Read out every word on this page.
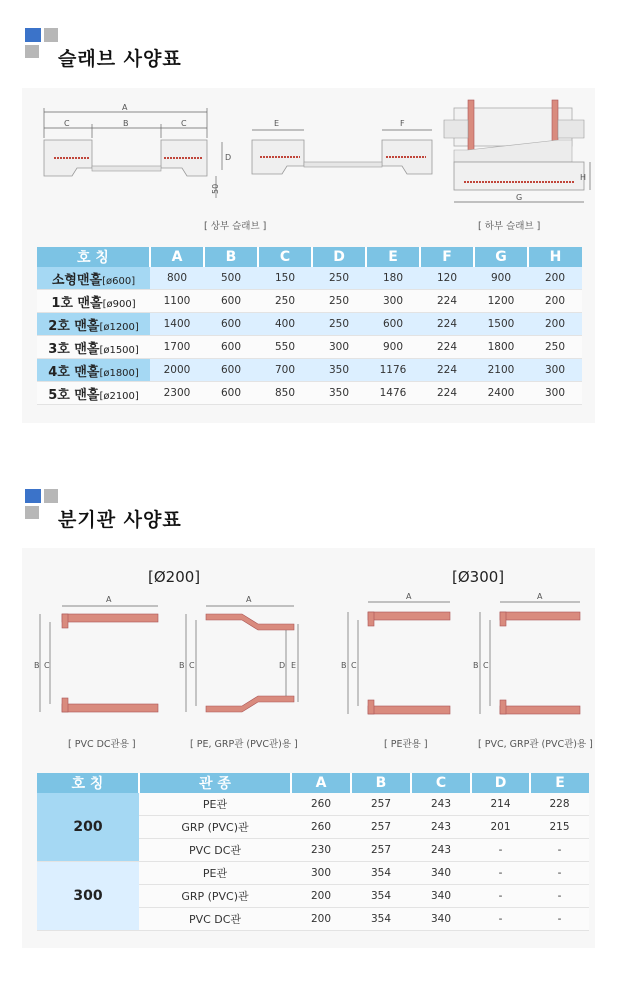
슬래브 사양표
A
C	B	C
D
50
E	F
G
H
[ 상부 슬래브 ]	[ 하부 슬래브 ]
호 칭	A	B	C	D	E	F	G	H
소형맨홀[ø600]	800	500	150	250	180	120	900	200
1호 맨홀[ø900]	1100	600	250	250	300	224	1200	200
2호 맨홀[ø1200]	1400	600	400	250	600	224	1500	200
3호 맨홀[ø1500]	1700	600	550	300	900	224	1800	250
4호 맨홀[ø1800]	2000	600	700	350	1176	224	2100	300
5호 맨홀[ø2100]	2300	600	850	350	1476	224	2400	300
분기관 사양표
[Ø200]	[Ø300]
A
B C
A
B C	D E
A
B C
A
B C
[ PVC DC관용 ]	[ PE, GRP관 (PVC관)용 ]	[ PE관용 ]	[ PVC, GRP관 (PVC관)용 ]
호 칭	관 종	A	B	C	D	E
200	PE관	260	257	243	214	228
	GRP (PVC)관	260	257	243	201	215
	PVC DC관	230	257	243	-	-
300	PE관	300	354	340	-	-
	GRP (PVC)관	200	354	340	-	-
	PVC DC관	200	354	340	-	-
